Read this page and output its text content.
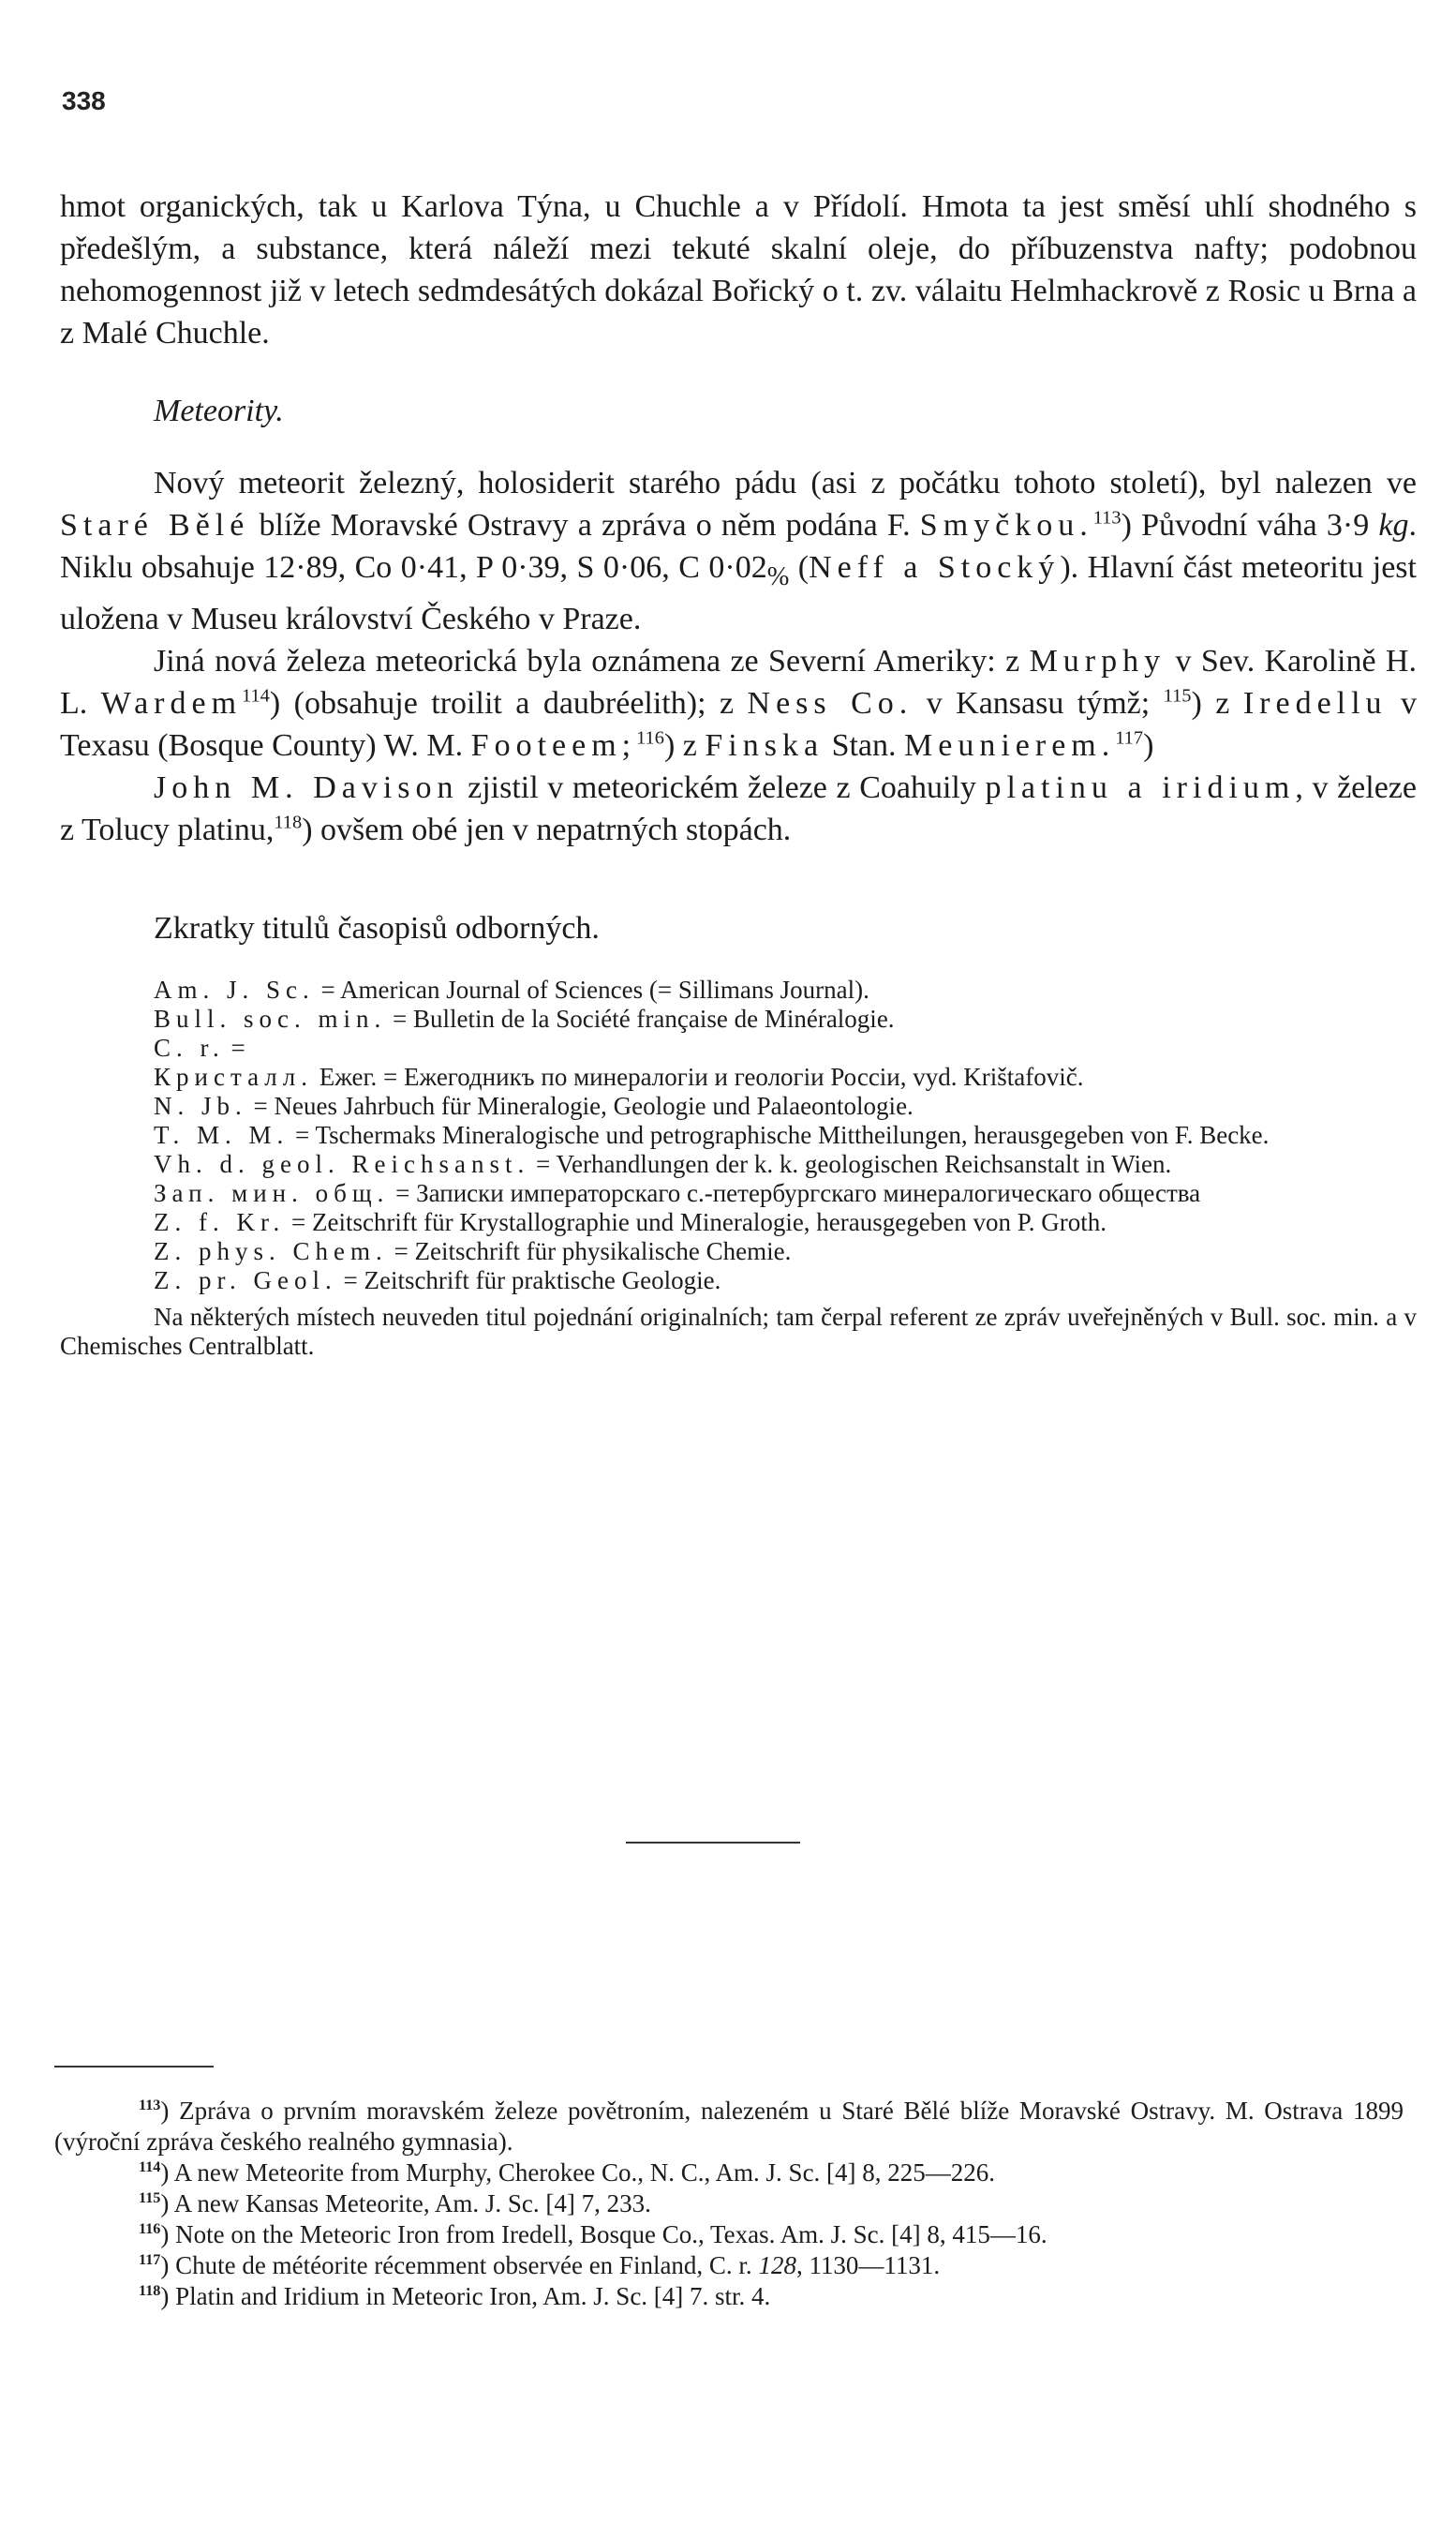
338

hmot organických, tak u Karlova Týna, u Chuchle a v Přídolí. Hmota ta jest směsí uhlí shodného s předešlým, a substance, která náleží mezi tekuté skalní oleje, do příbuzenstva nafty; podobnou nehomogennost již v letech sedmdesátých dokázal Bořický o t. zv. válaitu Helmhackrově z Rosic u Brna a z Malé Chuchle.

Meteority.

Nový meteorit železný, holosiderit starého pádu (asi z počátku tohoto století), byl nalezen ve Staré Bělé blíže Moravské Ostravy a zpráva o něm podána F. Smyčkou.$^{113}$) Původní váha 3·9 kg. Niklu obsahuje 12·89, Co 0·41, P 0·39, S 0·06, C $0\cdot 02_{\%}$ (Neff a Stocký). Hlavní část meteoritu jest uložena v Museu království Českého v Praze.

Jiná nová železa meteorická byla oznámena ze Severní Ameriky: z Murphy v Sev. Karolině H. L. Wardem$^{114}$) (obsahuje troilit a daubréelith); z Ness Co. v Kansasu týmž; $^{115}$) z Iredellu v Texasu (Bosque County) W. M. Footeem;$^{116}$) z Finska Stan. Meunierem.$^{117}$)

John M. Davison zjistil v meteorickém železe z Coahuily platinu a iridium, v železe z Tolucy platinu,$^{118}$) ovšem obé jen v nepatrných stopách.

Zkratky titulů časopisů odborných.

Am. J. Sc. = American Journal of Sciences (= Sillimans Journal).

Bull. soc. min. = Bulletin de la Société française de Minéralogie.

C. r. =

Кристалл. Ежег. = Ежегодникъ по минералогіи и геологіи Россіи, vyd. Krištafovič.

N. Jb. = Neues Jahrbuch für Mineralogie, Geologie und Palaeontologie.

T. M. M. = Tschermaks Mineralogische und petrographische Mittheilungen, herausgegeben von F. Becke.

Vh. d. geol. Reichsanst. = Verhandlungen der k. k. geologischen Reichsanstalt in Wien.

Зап. мин. общ. = Записки императорскаго с.-петербургскаго минералогическаго общества

Z. f. Kr. = Zeitschrift für Krystallographie und Mineralogie, herausgegeben von P. Groth.

Z. phys. Chem. = Zeitschrift für physikalische Chemie.

Z. pr. Geol. = Zeitschrift für praktische Geologie.

Na některých místech neuveden titul pojednání originalních; tam čerpal referent ze zpráv uveřejněných v Bull. soc. min. a v Chemisches Centralblatt.

$^{113}$) Zpráva o prvním moravském železe povětroním, nalezeném u Staré Bělé blíže Moravské Ostravy. M. Ostrava 1899 (výroční zpráva českého realného gymnasia).

$^{114}$) A new Meteorite from Murphy, Cherokee Co., N. C., Am. J. Sc. [4] 8, 225—226.

$^{115}$) A new Kansas Meteorite, Am. J. Sc. [4] 7, 233.

$^{116}$) Note on the Meteoric Iron from Iredell, Bosque Co., Texas. Am. J. Sc. [4] 8, 415—16.

$^{117}$) Chute de météorite récemment observée en Finland, C. r. 128, 1130—1131.

$^{118}$) Platin and Iridium in Meteoric Iron, Am. J. Sc. [4] 7. str. 4.
